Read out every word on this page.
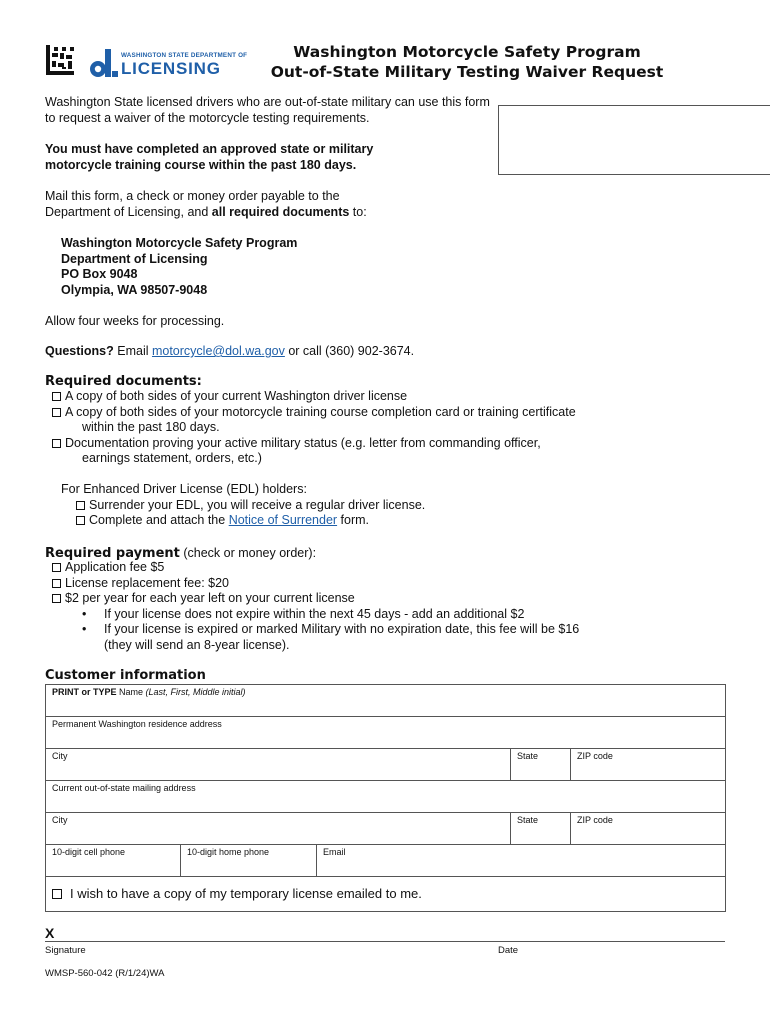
WASHINGTON STATE DEPARTMENT OF
LICENSING
Washington Motorcycle Safety Program
Out-of-State Military Testing Waiver Request

Washington State licensed drivers who are out-of-state military can use this form to request a waiver of the motorcycle testing requirements.

You must have completed an approved state or military motorcycle training course within the past 180 days.

Mail this form, a check or money order payable to the Department of Licensing, and all required documents to:

Washington Motorcycle Safety Program
Department of Licensing
PO Box 9048
Olympia, WA 98507-9048

Allow four weeks for processing.

Questions? Email motorcycle@dol.wa.gov or call (360) 902-3674.

Required documents:
A copy of both sides of your current Washington driver license
A copy of both sides of your motorcycle training course completion card or training certificate
within the past 180 days.
Documentation proving your active military status (e.g. letter from commanding officer,
earnings statement, orders, etc.)
For Enhanced Driver License (EDL) holders:
Surrender your EDL, you will receive a regular driver license.
Complete and attach the Notice of Surrender form.
Required payment (check or money order):
Application fee $5
License replacement fee: $20
$2 per year for each year left on your current license
• If your license does not expire within the next 45 days - add an additional $2
• If your license is expired or marked Military with no expiration date, this fee will be $16
(they will send an 8-year license).
Customer information
PRINT or TYPE Name (Last, First, Middle initial)				
Permanent Washington residence address				
City			State	ZIP code
Current out-of-state mailing address				
City			State	ZIP code
10-digit cell phone	10-digit home phone	Email		
I wish to have a copy of my temporary license emailed to me.				
X
Signature	Date
WMSP-560-042 (R/1/24)WA
